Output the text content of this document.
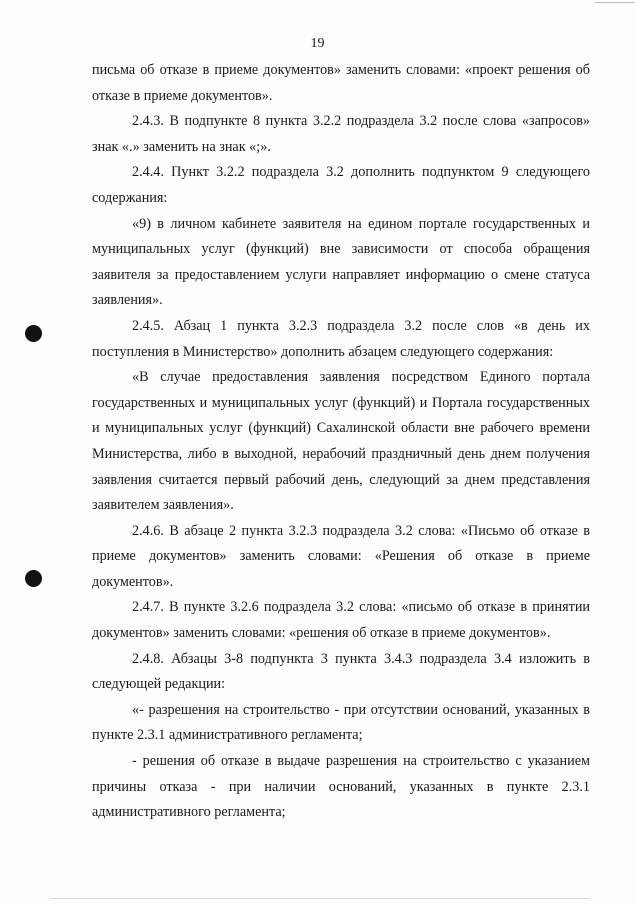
19

письма об отказе в приеме документов» заменить словами: «проект решения об отказе в приеме документов».

2.4.3. В подпункте 8 пункта 3.2.2 подраздела 3.2 после слова «запросов» знак «.» заменить на знак «;».

2.4.4. Пункт 3.2.2 подраздела 3.2 дополнить подпунктом 9 следующего содержания:

«9) в личном кабинете заявителя на едином портале государственных и муниципальных услуг (функций) вне зависимости от способа обращения заявителя за предоставлением услуги направляет информацию о смене статуса заявления».

2.4.5. Абзац 1 пункта 3.2.3 подраздела 3.2 после слов «в день их поступления в Министерство» дополнить абзацем следующего содержания:

«В случае предоставления заявления посредством Единого портала государственных и муниципальных услуг (функций) и Портала государственных и муниципальных услуг (функций) Сахалинской области вне рабочего времени Министерства, либо в выходной, нерабочий праздничный день днем получения заявления считается первый рабочий день, следующий за днем представления заявителем заявления».

2.4.6. В абзаце 2 пункта 3.2.3 подраздела 3.2 слова: «Письмо об отказе в приеме документов» заменить словами: «Решения об отказе в приеме документов».

2.4.7. В пункте 3.2.6 подраздела 3.2 слова: «письмо об отказе в принятии документов» заменить словами: «решения об отказе в приеме документов».

2.4.8. Абзацы 3-8 подпункта 3 пункта 3.4.3 подраздела 3.4 изложить в следующей редакции:

«- разрешения на строительство - при отсутствии оснований, указанных в пункте 2.3.1 административного регламента;

- решения об отказе в выдаче разрешения на строительство с указанием причины отказа - при наличии оснований, указанных в пункте 2.3.1 административного регламента;
